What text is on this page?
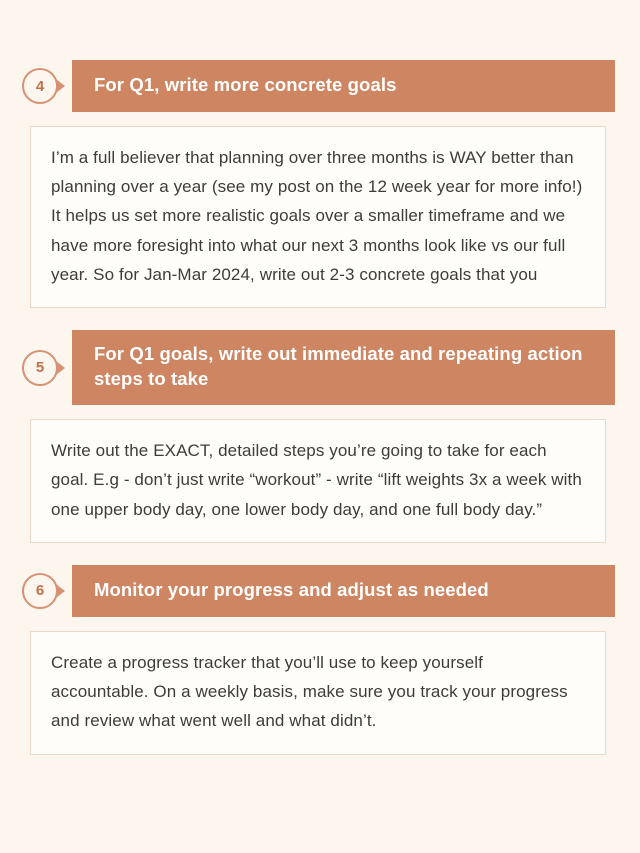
4	For Q1, write more concrete goals
I’m a full believer that planning over three months is WAY better than planning over a year (see my post on the 12 week year for more info!) It helps us set more realistic goals over a smaller timeframe and we have more foresight into what our next 3 months look like vs our full year. So for Jan-Mar 2024, write out 2-3 concrete goals that you
5
For Q1 goals, write out immediate and repeating action steps to take
Write out the EXACT, detailed steps you’re going to take for each goal. E.g - don’t just write “workout” - write “lift weights 3x a week with one upper body day, one lower body day, and one full body day.”
6	Monitor your progress and adjust as needed
Create a progress tracker that you’ll use to keep yourself accountable. On a weekly basis, make sure you track your progress and review what went well and what didn’t.
